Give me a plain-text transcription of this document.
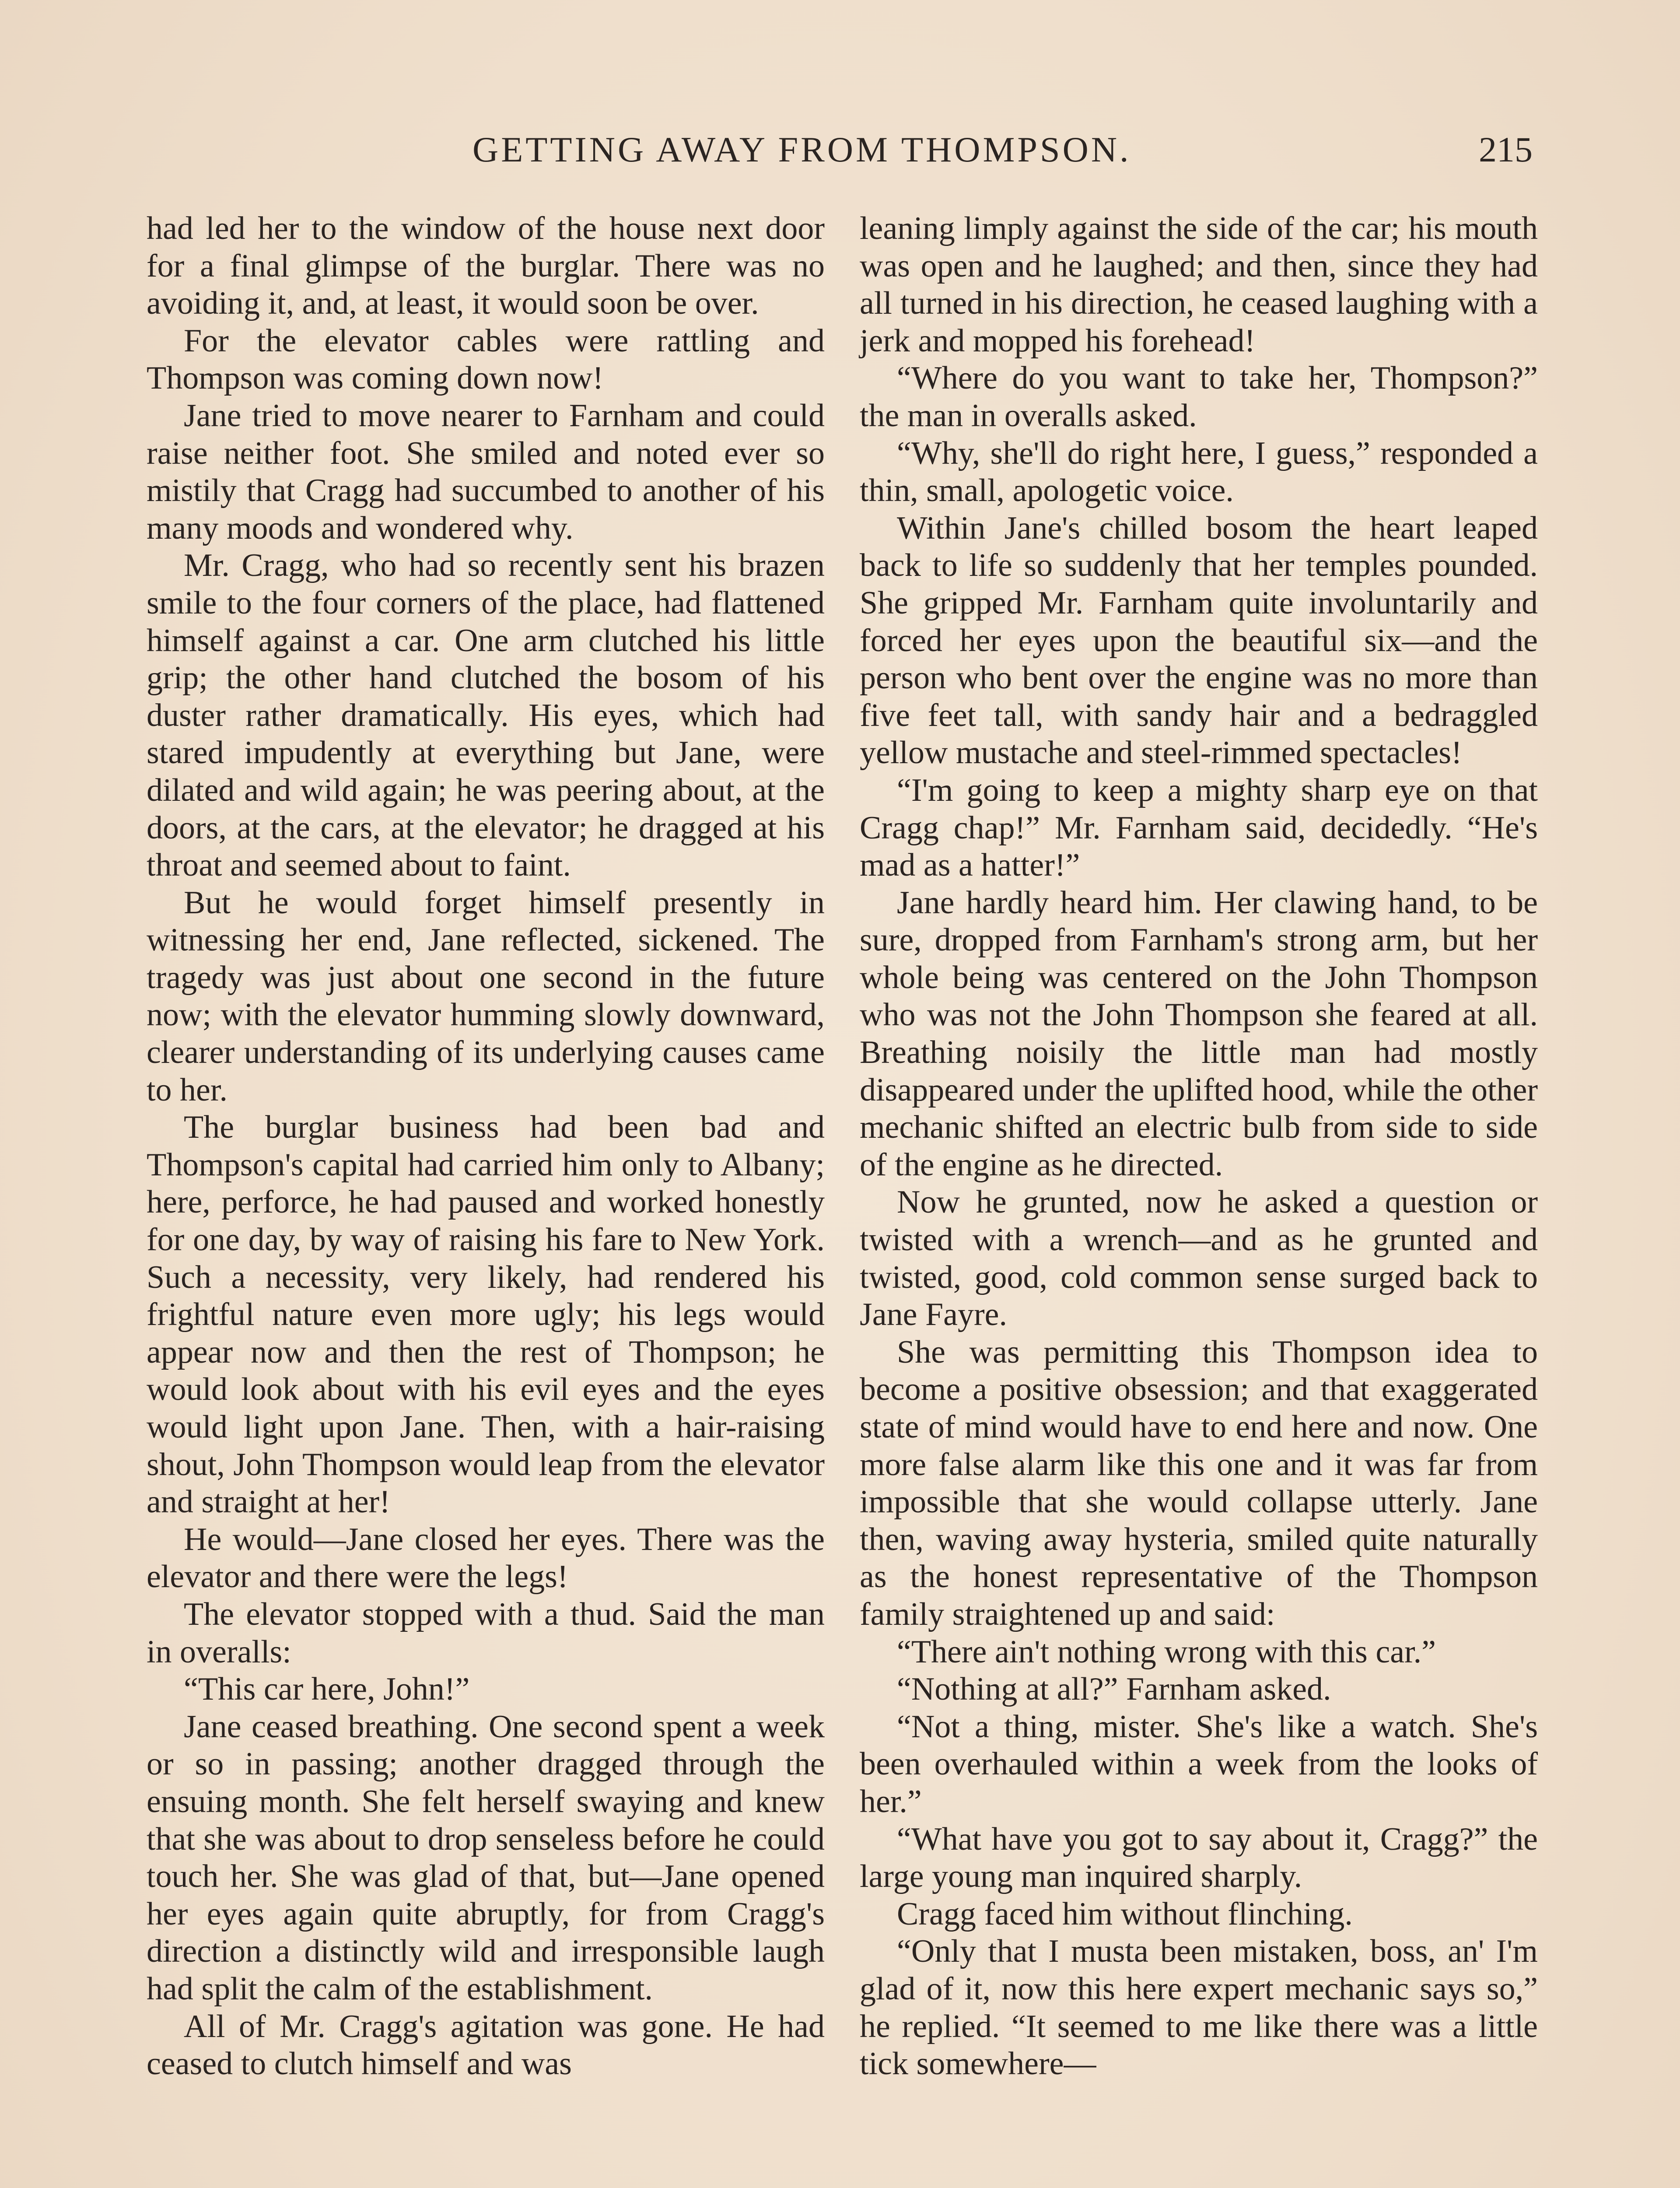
GETTING AWAY FROM THOMPSON.	215

had led her to the window of the house next door for a final glimpse of the burglar. There was no avoiding it, and, at least, it would soon be over.

For the elevator cables were rattling and Thompson was coming down now!

Jane tried to move nearer to Farnham and could raise neither foot. She smiled and noted ever so mistily that Cragg had succumbed to another of his many moods and wondered why.

Mr. Cragg, who had so recently sent his brazen smile to the four corners of the place, had flattened himself against a car. One arm clutched his little grip; the other hand clutched the bosom of his duster rather dramatically. His eyes, which had stared impudently at everything but Jane, were dilated and wild again; he was peering about, at the doors, at the cars, at the elevator; he dragged at his throat and seemed about to faint.

But he would forget himself presently in witnessing her end, Jane reflected, sickened. The tragedy was just about one second in the future now; with the elevator humming slowly downward, clearer understanding of its underlying causes came to her.

The burglar business had been bad and Thompson's capital had carried him only to Albany; here, perforce, he had paused and worked honestly for one day, by way of raising his fare to New York. Such a necessity, very likely, had rendered his frightful nature even more ugly; his legs would appear now and then the rest of Thompson; he would look about with his evil eyes and the eyes would light upon Jane. Then, with a hair-raising shout, John Thompson would leap from the elevator and straight at her!

He would—Jane closed her eyes. There was the elevator and there were the legs!

The elevator stopped with a thud. Said the man in overalls:

“This car here, John!”

Jane ceased breathing. One second spent a week or so in passing; another dragged through the ensuing month. She felt herself swaying and knew that she was about to drop senseless before he could touch her. She was glad of that, but—Jane opened her eyes again quite abruptly, for from Cragg's direction a distinctly wild and irresponsible laugh had split the calm of the establishment.

All of Mr. Cragg's agitation was gone. He had ceased to clutch himself and was

leaning limply against the side of the car; his mouth was open and he laughed; and then, since they had all turned in his direction, he ceased laughing with a jerk and mopped his forehead!

“Where do you want to take her, Thompson?” the man in overalls asked.

“Why, she'll do right here, I guess,” responded a thin, small, apologetic voice.

Within Jane's chilled bosom the heart leaped back to life so suddenly that her temples pounded. She gripped Mr. Farnham quite involuntarily and forced her eyes upon the beautiful six—and the person who bent over the engine was no more than five feet tall, with sandy hair and a bedraggled yellow mustache and steel-rimmed spectacles!

“I'm going to keep a mighty sharp eye on that Cragg chap!” Mr. Farnham said, decidedly. “He's mad as a hatter!”

Jane hardly heard him. Her clawing hand, to be sure, dropped from Farnham's strong arm, but her whole being was centered on the John Thompson who was not the John Thompson she feared at all. Breathing noisily the little man had mostly disappeared under the uplifted hood, while the other mechanic shifted an electric bulb from side to side of the engine as he directed.

Now he grunted, now he asked a question or twisted with a wrench—and as he grunted and twisted, good, cold common sense surged back to Jane Fayre.

She was permitting this Thompson idea to become a positive obsession; and that exaggerated state of mind would have to end here and now. One more false alarm like this one and it was far from impossible that she would collapse utterly. Jane then, waving away hysteria, smiled quite naturally as the honest representative of the Thompson family straightened up and said:

“There ain't nothing wrong with this car.”

“Nothing at all?” Farnham asked.

“Not a thing, mister. She's like a watch. She's been overhauled within a week from the looks of her.”

“What have you got to say about it, Cragg?” the large young man inquired sharply.

Cragg faced him without flinching.

“Only that I musta been mistaken, boss, an' I'm glad of it, now this here expert mechanic says so,” he replied. “It seemed to me like there was a little tick somewhere—
